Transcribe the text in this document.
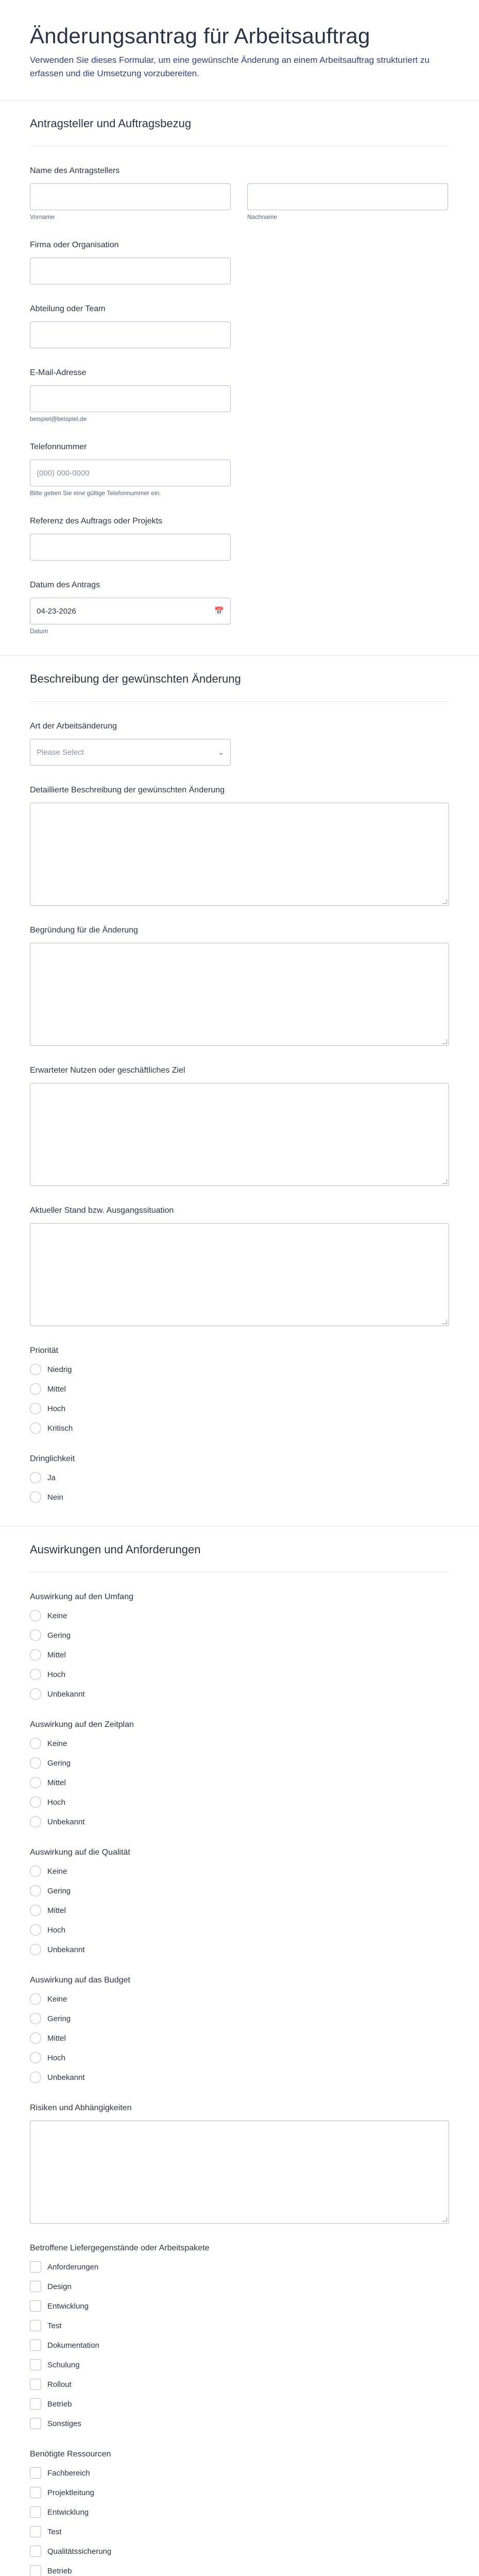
Änderungsantrag für Arbeitsauftrag

Verwenden Sie dieses Formular, um eine gewünschte Änderung an einem Arbeitsauftrag strukturiert zu erfassen und die Umsetzung vorzubereiten.

Antragsteller und Auftragsbezug
Name des Antragstellers
Vorname	Nachname
Firma oder Organisation
Abteilung oder Team
E-Mail-Adresse
beispiel@beispiel.de
Telefonnummer
(000) 000-0000
Bitte geben Sie eine gültige Telefonnummer ein.
Referenz des Auftrags oder Projekts
Datum des Antrags
04-23-2026	📅
Datum
Beschreibung der gewünschten Änderung
Art der Arbeitsänderung
Please Select	⌄
Detaillierte Beschreibung der gewünschten Änderung
Begründung für die Änderung
Erwarteter Nutzen oder geschäftliches Ziel
Aktueller Stand bzw. Ausgangssituation
Priorität
Niedrig
Mittel
Hoch
Kritisch
Dringlichkeit
Ja
Nein
Auswirkungen und Anforderungen
Auswirkung auf den Umfang
Keine
Gering
Mittel
Hoch
Unbekannt
Auswirkung auf den Zeitplan
Keine
Gering
Mittel
Hoch
Unbekannt
Auswirkung auf die Qualität
Keine
Gering
Mittel
Hoch
Unbekannt
Auswirkung auf das Budget
Keine
Gering
Mittel
Hoch
Unbekannt
Risiken und Abhängigkeiten
Betroffene Liefergegenstände oder Arbeitspakete
Anforderungen
Design
Entwicklung
Test
Dokumentation
Schulung
Rollout
Betrieb
Sonstiges
Benötigte Ressourcen
Fachbereich
Projektleitung
Entwicklung
Test
Qualitätssicherung
Betrieb
